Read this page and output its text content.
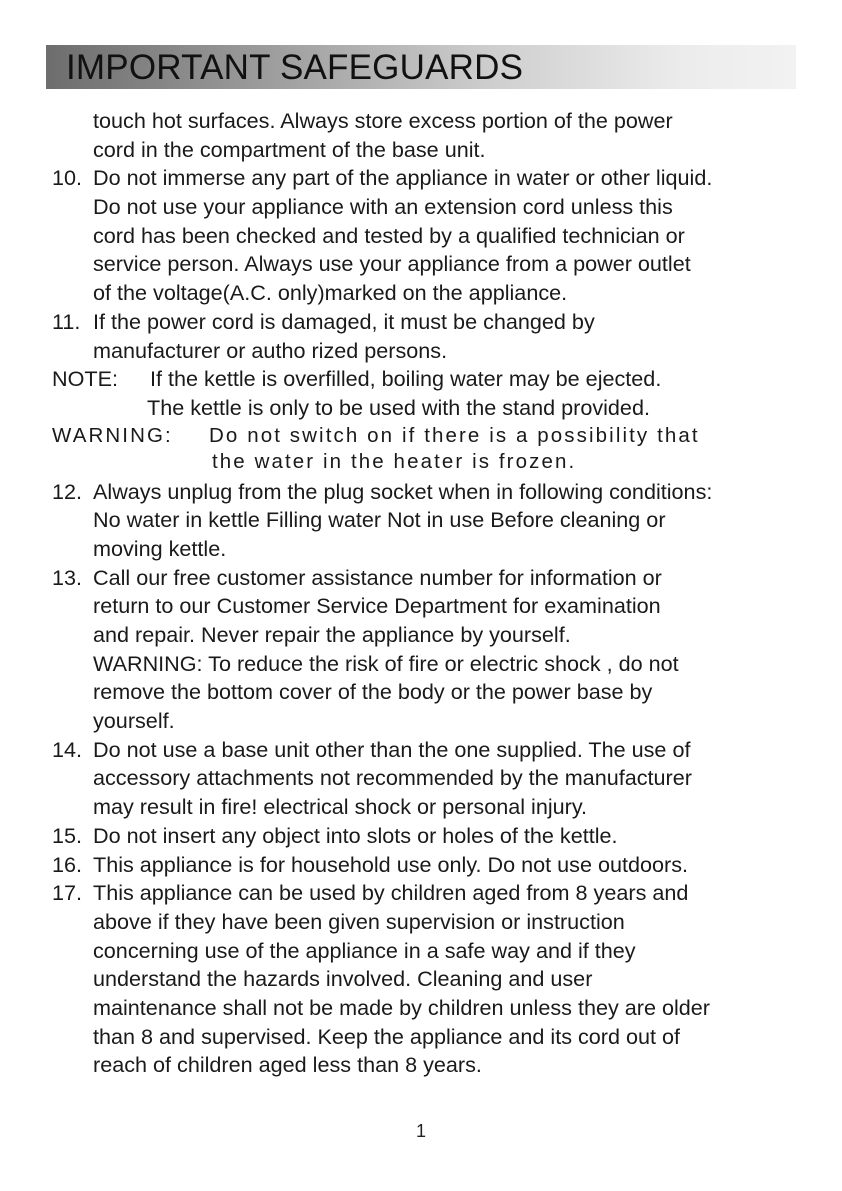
IMPORTANT SAFEGUARDS
touch hot surfaces. Always store excess portion of the power
cord in the compartment of the base unit.
10. Do not immerse any part of the appliance in water or other liquid.
Do not use your appliance with an extension cord unless this
cord has been checked and tested by a qualified technician or
service person. Always use your appliance from a power outlet
of the voltage(A.C. only)marked on the appliance.
11. If the power cord is damaged, it must be changed by
manufacturer or autho rized persons.
NOTE: If the kettle is overfilled, boiling water may be ejected.
The kettle is only to be used with the stand provided.
WARNING: Do not switch on if there is a possibility that
the water in the heater is frozen.
12. Always unplug from the plug socket when in following conditions:
No water in kettle Filling water Not in use Before cleaning or
moving kettle.
13. Call our free customer assistance number for information or
return to our Customer Service Department for examination
and repair. Never repair the appliance by yourself.
WARNING: To reduce the risk of fire or electric shock , do not
remove the bottom cover of the body or the power base by
yourself.
14. Do not use a base unit other than the one supplied. The use of
accessory attachments not recommended by the manufacturer
may result in fire! electrical shock or personal injury.
15. Do not insert any object into slots or holes of the kettle.
16. This appliance is for household use only. Do not use outdoors.
17. This appliance can be used by children aged from 8 years and
above if they have been given supervision or instruction
concerning use of the appliance in a safe way and if they
understand the hazards involved. Cleaning and user
maintenance shall not be made by children unless they are older
than 8 and supervised. Keep the appliance and its cord out of
reach of children aged less than 8 years.
1
